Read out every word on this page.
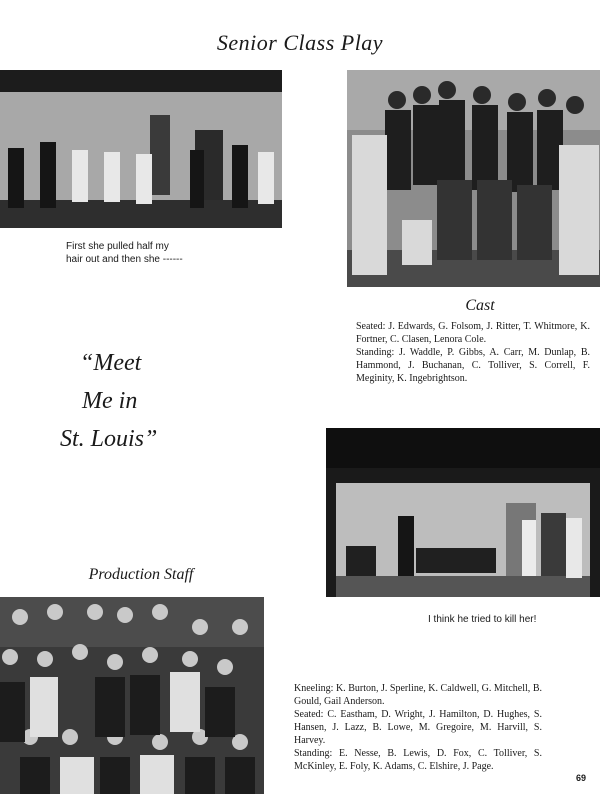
Senior Class Play
First she pulled half my
hair out and then she ------
Cast

Seated: J. Edwards, G. Folsom, J. Ritter, T. Whitmore, K. Fortner, C. Clasen, Lenora Cole.

Standing: J. Waddle, P. Gibbs, A. Carr, M. Dunlap, B. Hammond, J. Buchanan, C. Tolliver, S. Correll, F. Meginity, K. Ingebrightson.

“Meet
Me in
St. Louis”
I think he tried to kill her!
Production Staff

Kneeling: K. Burton, J. Sperline, K. Caldwell, G. Mitchell, B. Gould, Gail Anderson.

Seated: C. Eastham, D. Wright, J. Hamilton, D. Hughes, S. Hansen, J. Lazz, B. Lowe, M. Gregoire, M. Harvill, S. Harvey.

Standing: E. Nesse, B. Lewis, D. Fox, C. Tolliver, S. McKinley, E. Foly, K. Adams, C. Elshire, J. Page.

69
